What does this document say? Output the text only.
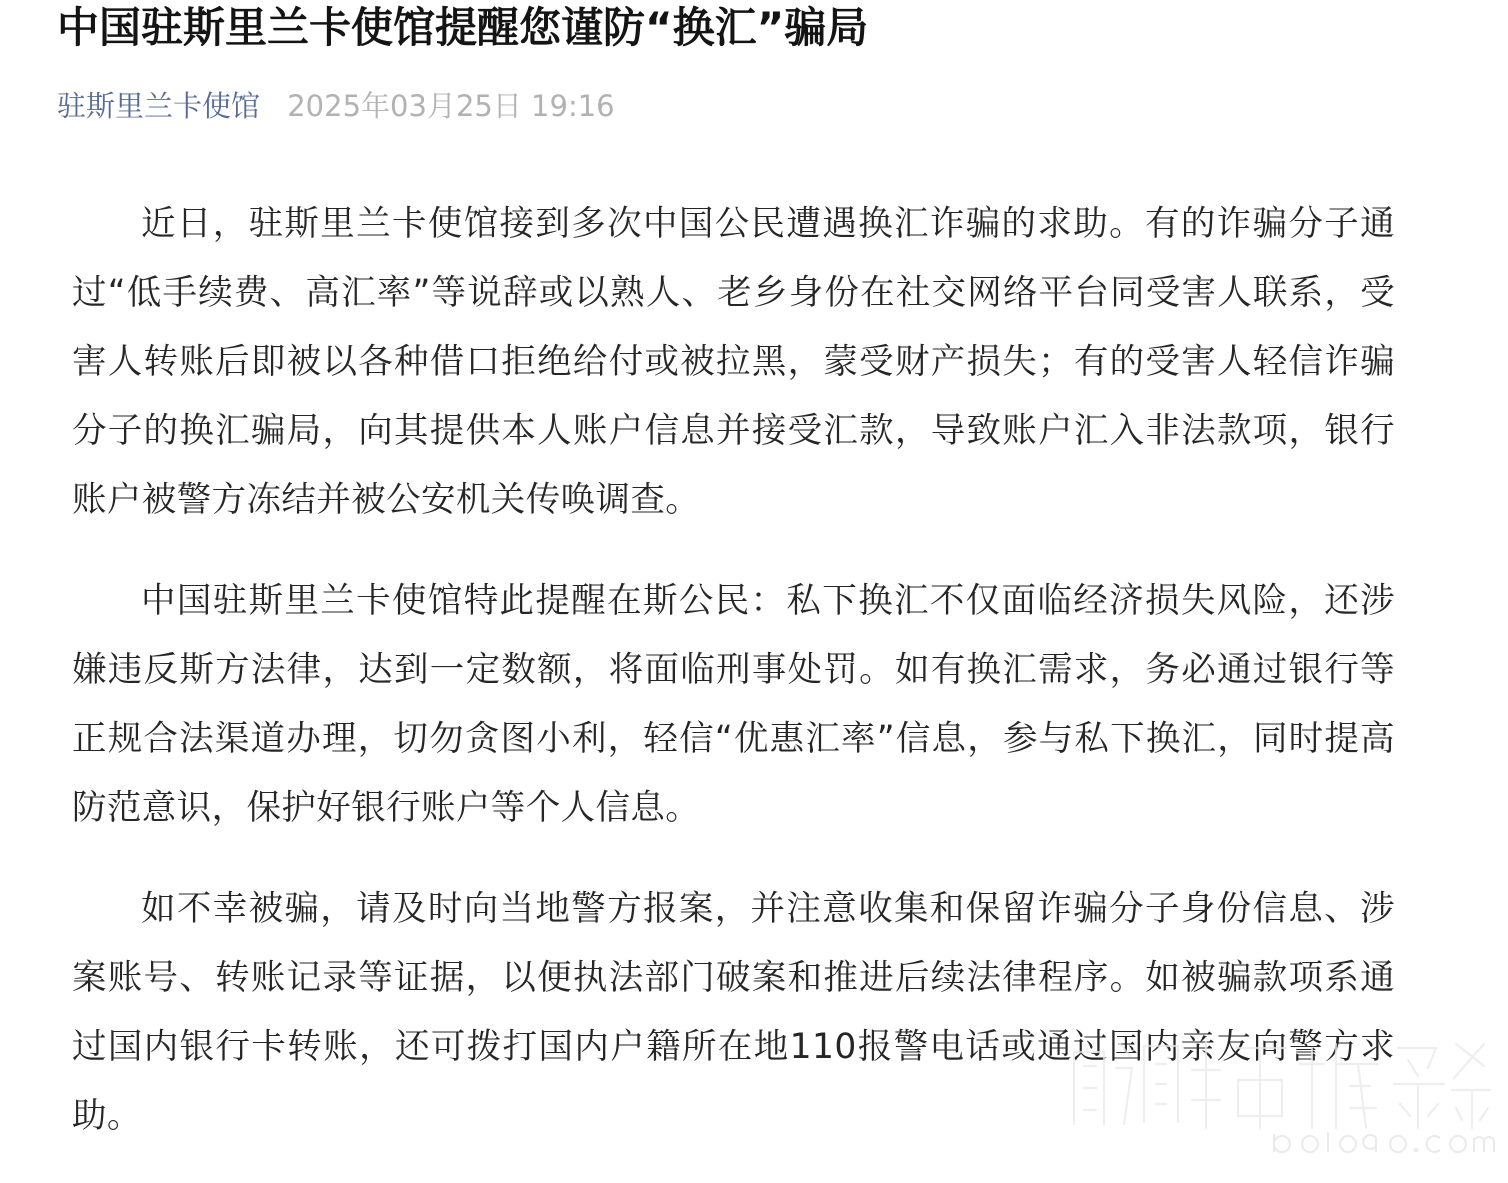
中国驻斯里兰卡使馆提醒您谨防“换汇”骗局
驻斯里兰卡使馆 2025年03月25日 19:16

近日，驻斯里兰卡使馆接到多次中国公民遭遇换汇诈骗的求助。有的诈骗分子通过“低手续费、高汇率”等说辞或以熟人、老乡身份在社交网络平台同受害人联系，受害人转账后即被以各种借口拒绝给付或被拉黑，蒙受财产损失；有的受害人轻信诈骗分子的换汇骗局，向其提供本人账户信息并接受汇款，导致账户汇入非法款项，银行账户被警方冻结并被公安机关传唤调查。

中国驻斯里兰卡使馆特此提醒在斯公民：私下换汇不仅面临经济损失风险，还涉嫌违反斯方法律，达到一定数额，将面临刑事处罚。如有换汇需求，务必通过银行等正规合法渠道办理，切勿贪图小利，轻信“优惠汇率”信息，参与私下换汇，同时提高防范意识，保护好银行账户等个人信息。

如不幸被骗，请及时向当地警方报案，并注意收集和保留诈骗分子身份信息、涉案账号、转账记录等证据，以便执法部门破案和推进后续法律程序。如被骗款项系通过国内银行卡转账，还可拨打国内户籍所在地110报警电话或通过国内亲友向警方求助。
